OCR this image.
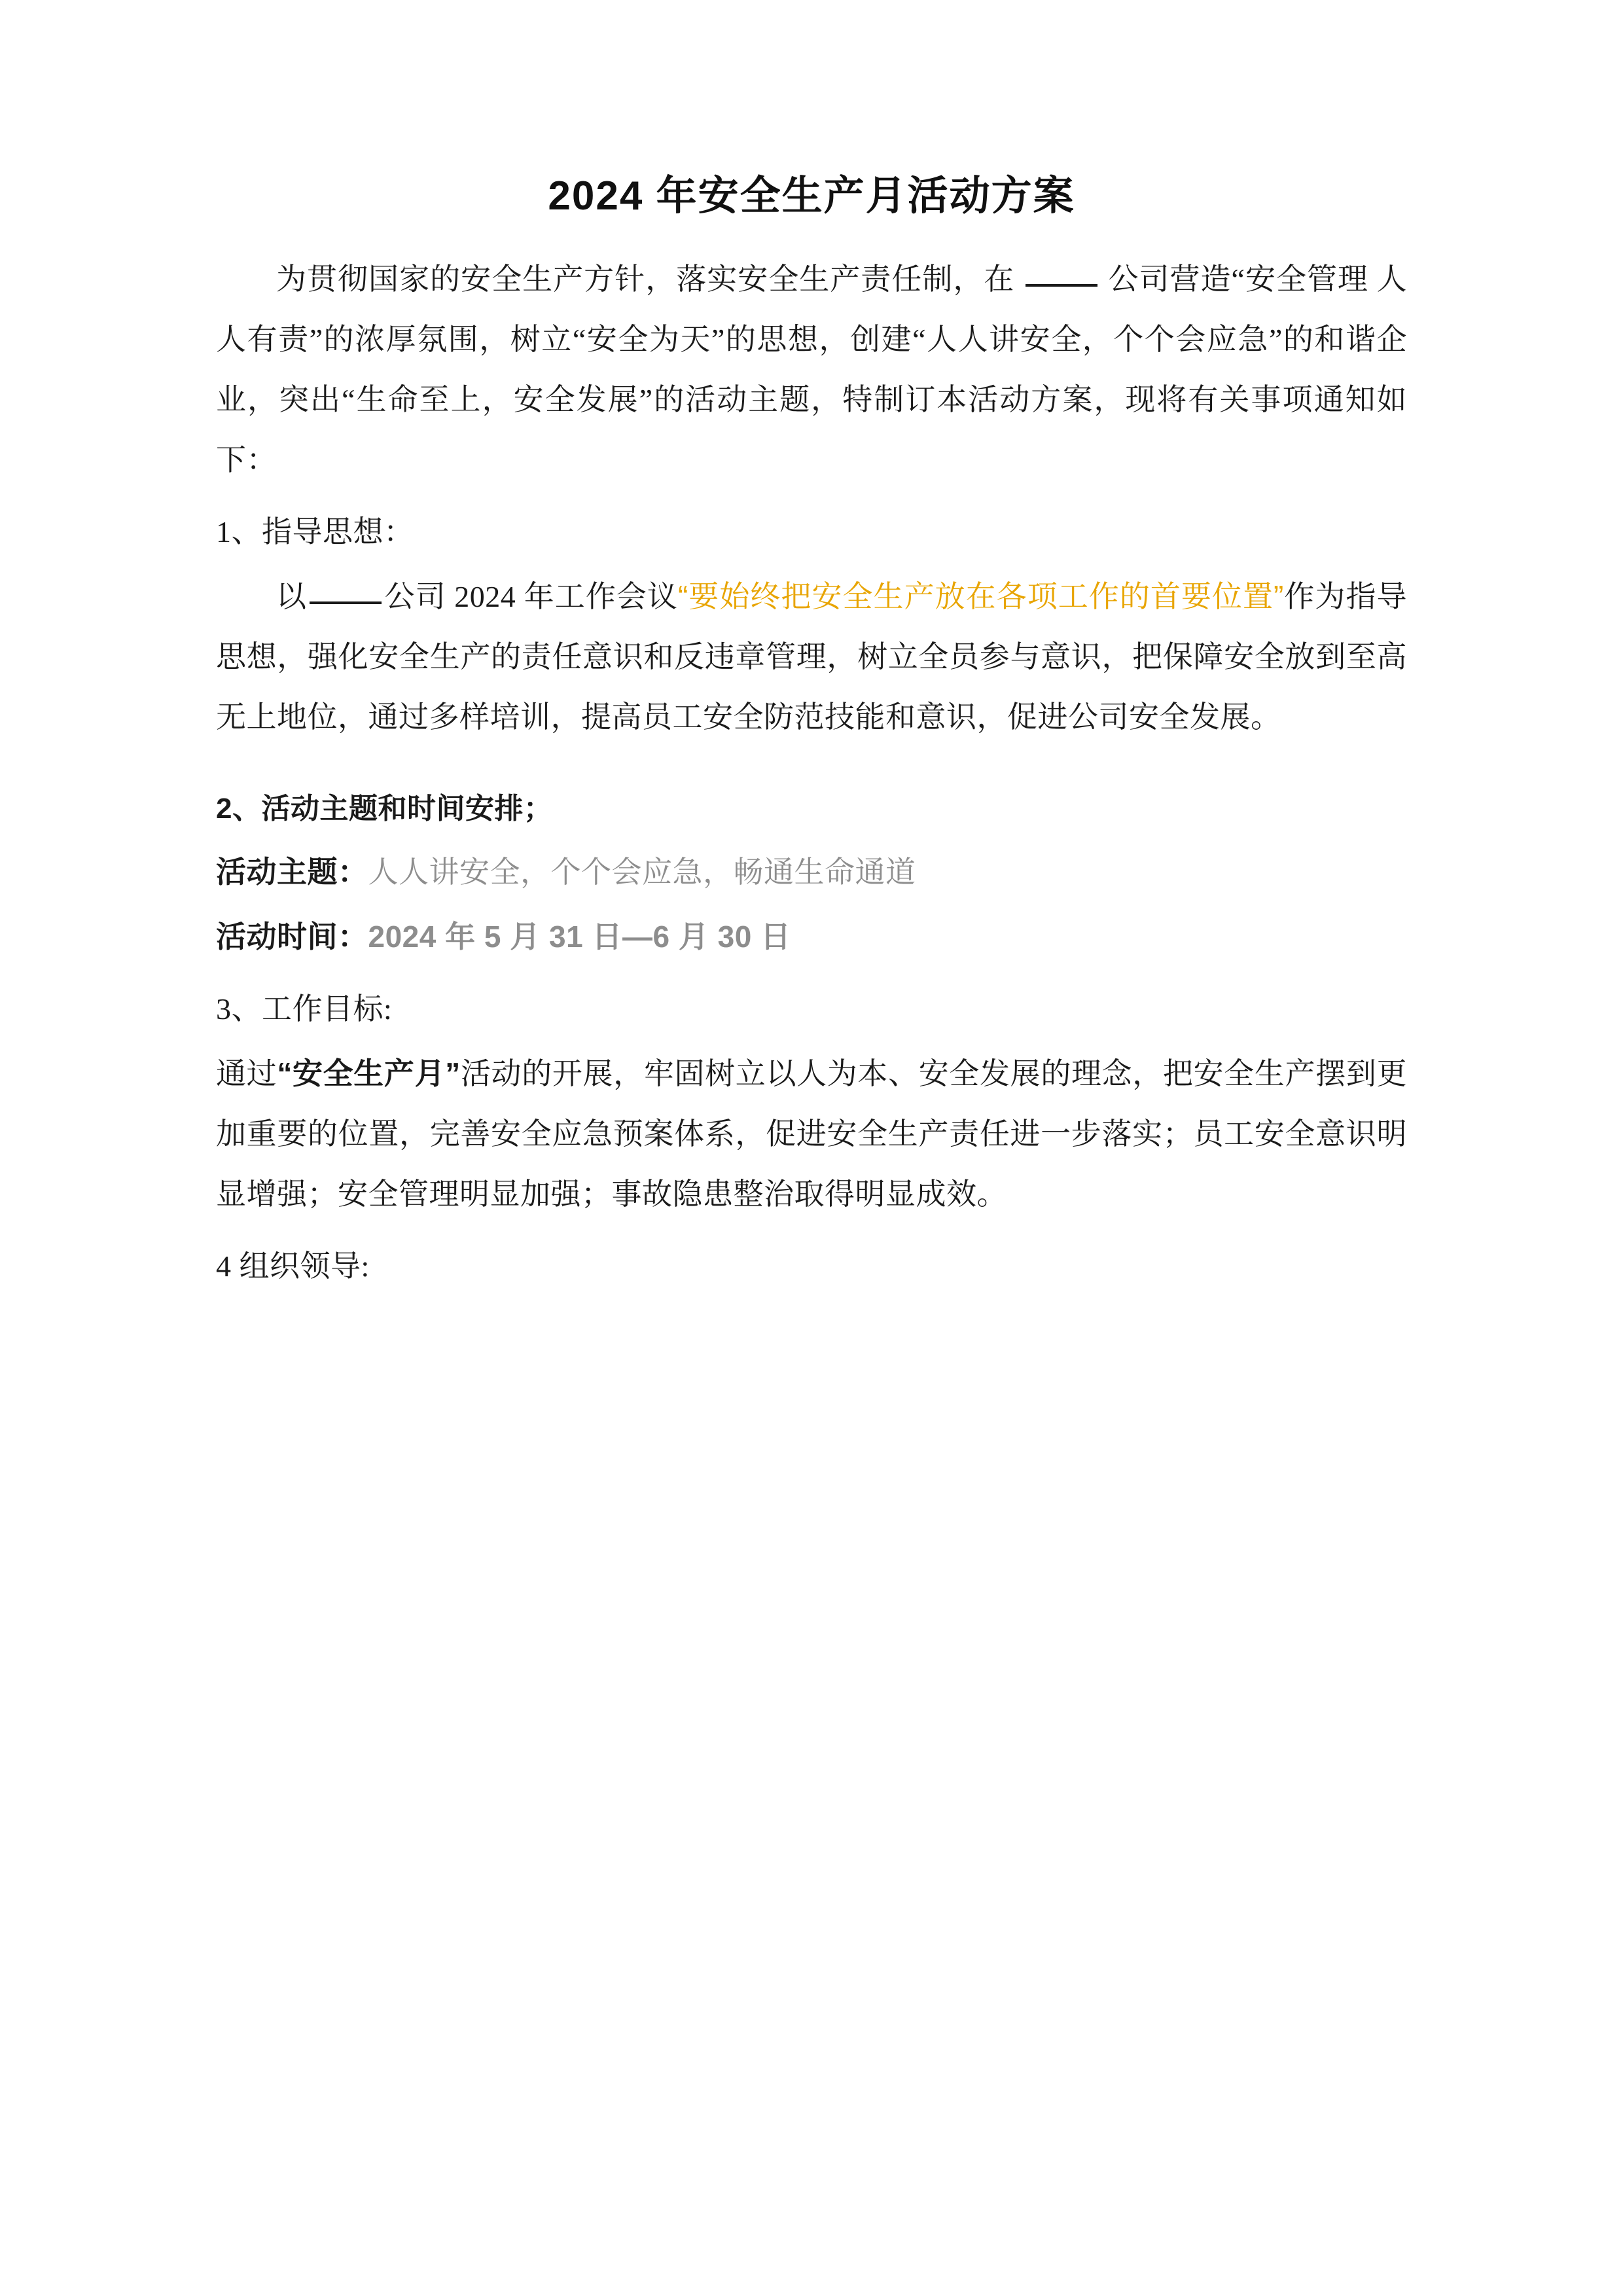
2024 年安全生产月活动方案

为贯彻国家的安全生产方针，落实安全生产责任制，在	公司营造“安全管理 人人有责”的浓厚氛围，树立“安全为天”的思想，创建“人人讲安全，个个会应急”的和谐企业，突出“生命至上，安全发展”的活动主题，特制订本活动方案，现将有关事项通知如下：

1、指导思想：

以	公司 2024 年工作会议“要始终把安全生产放在各项工作的首要位置”作为指导思想，强化安全生产的责任意识和反违章管理，树立全员参与意识，把保障安全放到至高无上地位，通过多样培训，提高员工安全防范技能和意识，促进公司安全发展。

2、活动主题和时间安排；

活动主题：人人讲安全，个个会应急，畅通生命通道

活动时间：2024 年 5 月 31 日—6 月 30 日

3、工作目标:

通过“安全生产月”活动的开展，牢固树立以人为本、安全发展的理念，把安全生产摆到更加重要的位置，完善安全应急预案体系，促进安全生产责任进一步落实；员工安全意识明显增强；安全管理明显加强；事故隐患整治取得明显成效。

4 组织领导:
